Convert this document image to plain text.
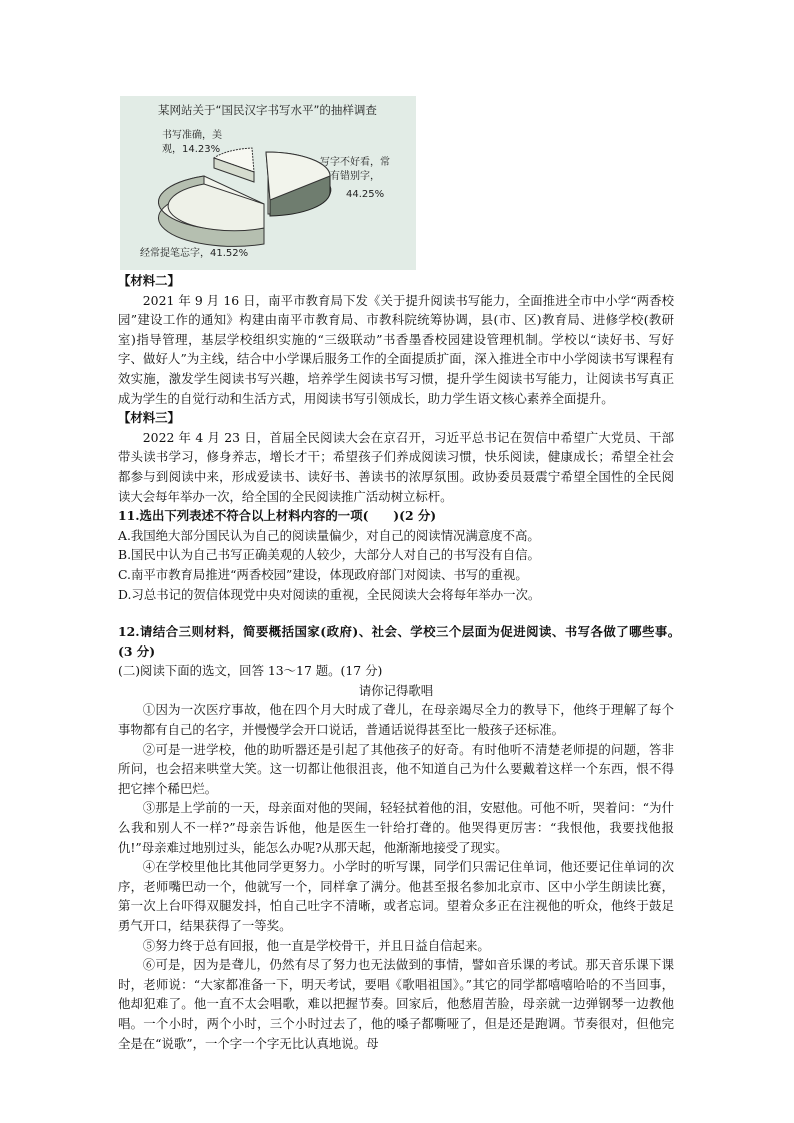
某网站关于“国民汉字书写水平”的抽样调查
书写准确，美
观，14.23%
写字不好看，常
有错别字，
44.25%
经常提笔忘字，41.52%

【材料二】

2021 年 9 月 16 日，南平市教育局下发《关于提升阅读书写能力，全面推进全市中小学“两香校园”建设工作的通知》构建由南平市教育局、市教科院统筹协调，县(市、区)教育局、进修学校(教研室)指导管理，基层学校组织实施的“三级联动”书香墨香校园建设管理机制。学校以“读好书、写好字、做好人”为主线，结合中小学课后服务工作的全面提质扩面，深入推进全市中小学阅读书写课程有效实施，激发学生阅读书写兴趣，培养学生阅读书写习惯，提升学生阅读书写能力，让阅读书写真正成为学生的自觉行动和生活方式，用阅读书写引领成长，助力学生语文核心素养全面提升。

【材料三】

2022 年 4 月 23 日，首届全民阅读大会在京召开，习近平总书记在贺信中希望广大党员、干部带头读书学习，修身养志，增长才干；希望孩子们养成阅读习惯，快乐阅读，健康成长；希望全社会都参与到阅读中来，形成爱读书、读好书、善读书的浓厚氛围。政协委员聂震宁希望全国性的全民阅读大会每年举办一次，给全国的全民阅读推广活动树立标杆。

11.选出下列表述不符合以上材料内容的一项(　　)(2 分)

A.我国绝大部分国民认为自己的阅读量偏少，对自己的阅读情况满意度不高。

B.国民中认为自己书写正确美观的人较少，大部分人对自己的书写没有自信。

C.南平市教育局推进“两香校园”建设，体现政府部门对阅读、书写的重视。

D.习总书记的贺信体现党中央对阅读的重视，全民阅读大会将每年举办一次。

12.请结合三则材料，简要概括国家(政府)、社会、学校三个层面为促进阅读、书写各做了哪些事。　(3 分)

(二)阅读下面的选文，回答 13～17 题。(17 分)

请你记得歌唱

①因为一次医疗事故，他在四个月大时成了聋儿，在母亲竭尽全力的教导下，他终于理解了每个事物都有自己的名字，并慢慢学会开口说话，普通话说得甚至比一般孩子还标准。

②可是一进学校，他的助听器还是引起了其他孩子的好奇。有时他听不清楚老师提的问题，答非所问，也会招来哄堂大笑。这一切都让他很沮丧，他不知道自己为什么要戴着这样一个东西，恨不得把它摔个稀巴烂。

③那是上学前的一天，母亲面对他的哭闹，轻轻拭着他的泪，安慰他。可他不听，哭着问：“为什么我和别人不一样?”母亲告诉他，他是医生一针给打聋的。他哭得更厉害：“我恨他，我要找他报仇!”母亲难过地别过头，能怎么办呢?从那天起，他渐渐地接受了现实。

④在学校里他比其他同学更努力。小学时的听写课，同学们只需记住单词，他还要记住单词的次序，老师嘴巴动一个，他就写一个，同样拿了满分。他甚至报名参加北京市、区中小学生朗读比赛，第一次上台吓得双腿发抖，怕自己吐字不清晰，或者忘词。望着众多正在注视他的听众，他终于鼓足勇气开口，结果获得了一等奖。

⑤努力终于总有回报，他一直是学校骨干，并且日益自信起来。

⑥可是，因为是聋儿，仍然有尽了努力也无法做到的事情，譬如音乐课的考试。那天音乐课下课时，老师说：“大家都准备一下，明天考试，要唱《歌唱祖国》。”其它的同学都嘻嘻哈哈的不当回事，他却犯难了。他一直不太会唱歌，难以把握节奏。回家后，他愁眉苦脸，母亲就一边弹钢琴一边教他唱。一个小时，两个小时，三个小时过去了，他的嗓子都嘶哑了，但是还是跑调。节奏很对，但他完全是在“说歌”，一个字一个字无比认真地说。母
